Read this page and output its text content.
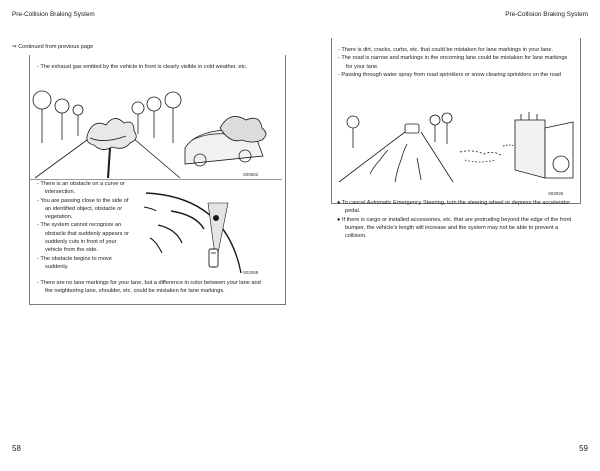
Pre-Collision Braking System	Pre-Collision Braking System
⇒ Continued from previous page
- The exhaust gas emitted by the vehicle in front is clearly visible in cold weather, etc.
S00652
- There is an obstacle on a curve or intersection.
- You are passing close to the side of an identified object, obstacle or vegetation.
- The system cannot recognize an obstacle that suddenly appears or suddenly cuts in front of your vehicle from the side.
- The obstacle begins to move suddenly.
S02069
- There are no lane markings for your lane, but a difference in color between your lane and the neighboring lane, shoulder, etc. could be mistaken for lane markings.
58
- There is dirt, cracks, curbs, etc. that could be mistaken for lane markings in your lane.
- The road is narrow and markings in the oncoming lane could be mistaken for lane markings for your lane.
- Passing through water spray from road sprinklers or snow clearing sprinklers on the road
S02836
● To cancel Automatic Emergency Steering, turn the steering wheel or depress the accelerator pedal.
● If there is cargo or installed accessories, etc. that are protruding beyond the edge of the front bumper, the vehicle’s length will increase and the system may not be able to prevent a collision.
59
